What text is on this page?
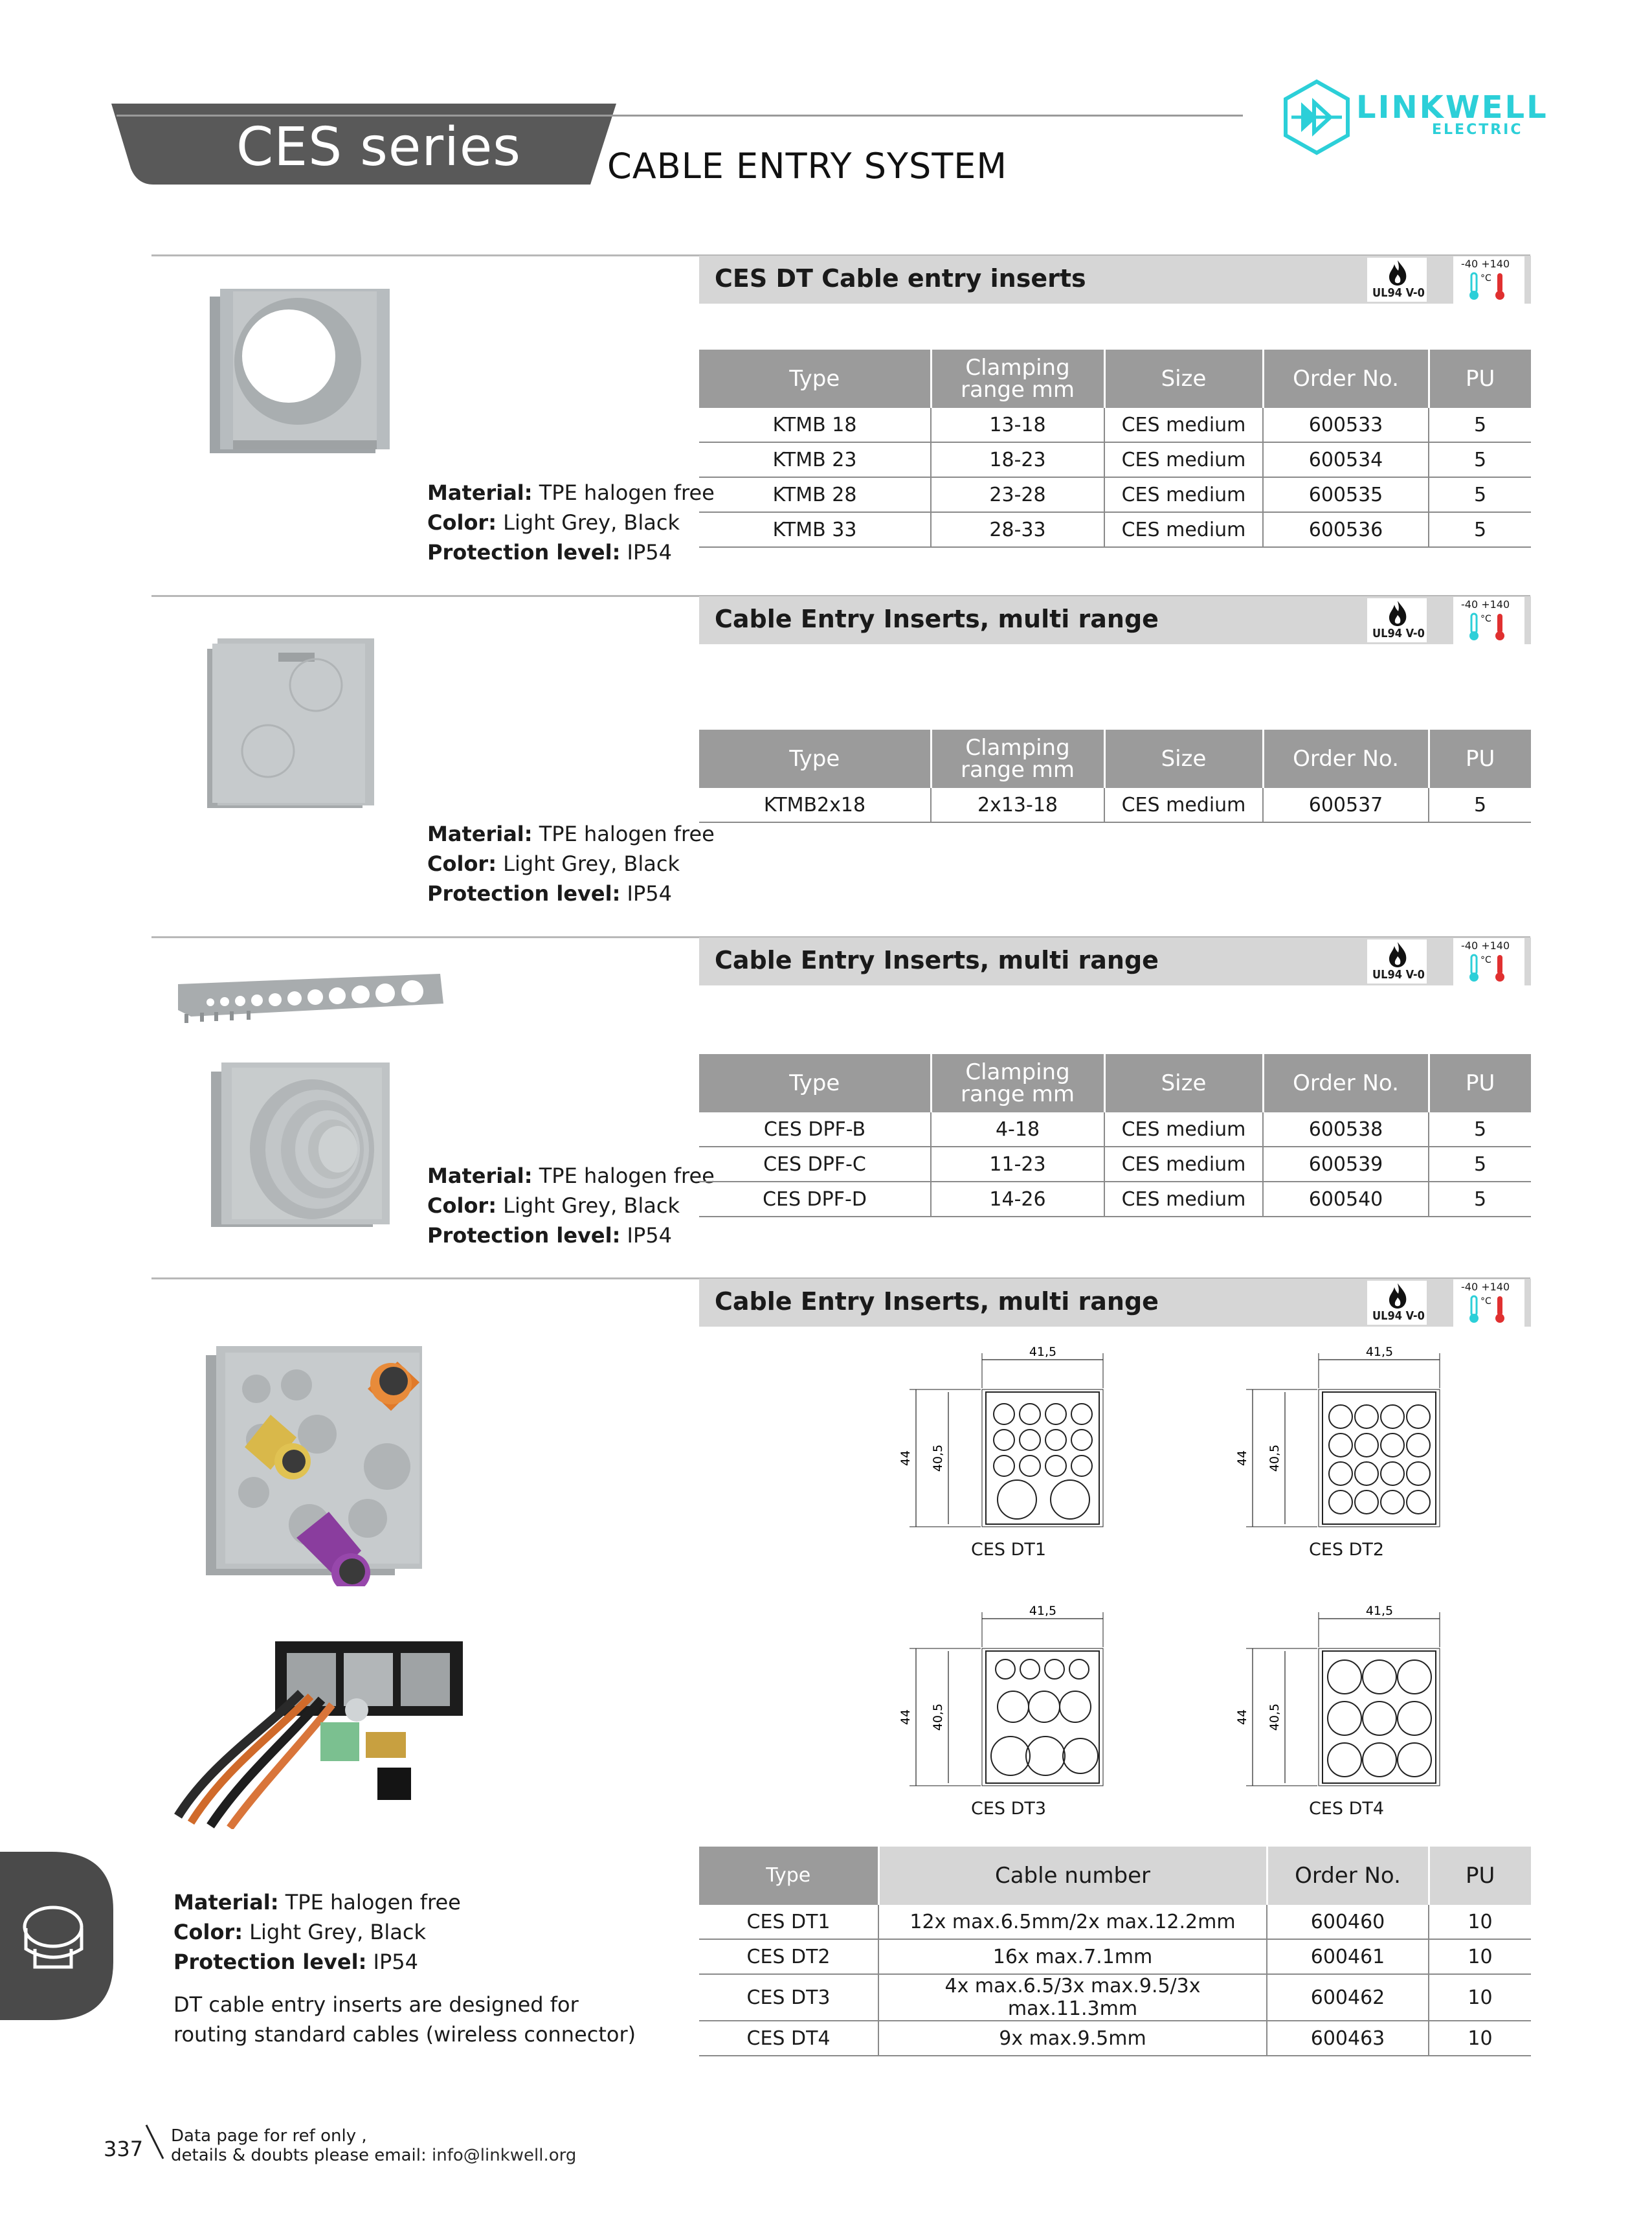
CES series CABLE ENTRY SYSTEM
LINKWELL
ELECTRIC
CES DT Cable entry inserts
UL94 V-0
-40 +140
°C
Material: TPE halogen free
Color: Light Grey, Black
Protection level: IP54
Type	Clamping range mm	Size	Order No.	PU
KTMB 18	13-18	CES medium	600533	5
KTMB 23	18-23	CES medium	600534	5
KTMB 28	23-28	CES medium	600535	5
KTMB 33	28-33	CES medium	600536	5
Cable Entry Inserts, multi range
UL94 V-0
-40 +140
°C
Material: TPE halogen free
Color: Light Grey, Black
Protection level: IP54
Type	Clamping range mm	Size	Order No.	PU
KTMB2x18	2x13-18	CES medium	600537	5
Cable Entry Inserts, multi range
UL94 V-0
-40 +140
°C
Material: TPE halogen free
Color: Light Grey, Black
Protection level: IP54
Type	Clamping range mm	Size	Order No.	PU
CES DPF-B	4-18	CES medium	600538	5
CES DPF-C	11-23	CES medium	600539	5
CES DPF-D	14-26	CES medium	600540	5
Cable Entry Inserts, multi range
UL94 V-0
-40 +140
°C
41,5
44 40,5
CES DT1
41,5
44 40,5
CES DT2
41,5
44 40,5
CES DT3
41,5
44 40,5
CES DT4
Type	Cable number	Order No.	PU
CES DT1	12x max.6.5mm/2x max.12.2mm	600460	10
CES DT2	16x max.7.1mm	600461	10
CES DT3	4x max.6.5/3x max.9.5/3x max.11.3mm	600462	10
CES DT4	9x max.9.5mm	600463	10
Material: TPE halogen free
Color: Light Grey, Black
Protection level: IP54
DT cable entry inserts are designed for
routing standard cables (wireless connector)
337
Data page for ref only ,
details & doubts please email: info@linkwell.org
